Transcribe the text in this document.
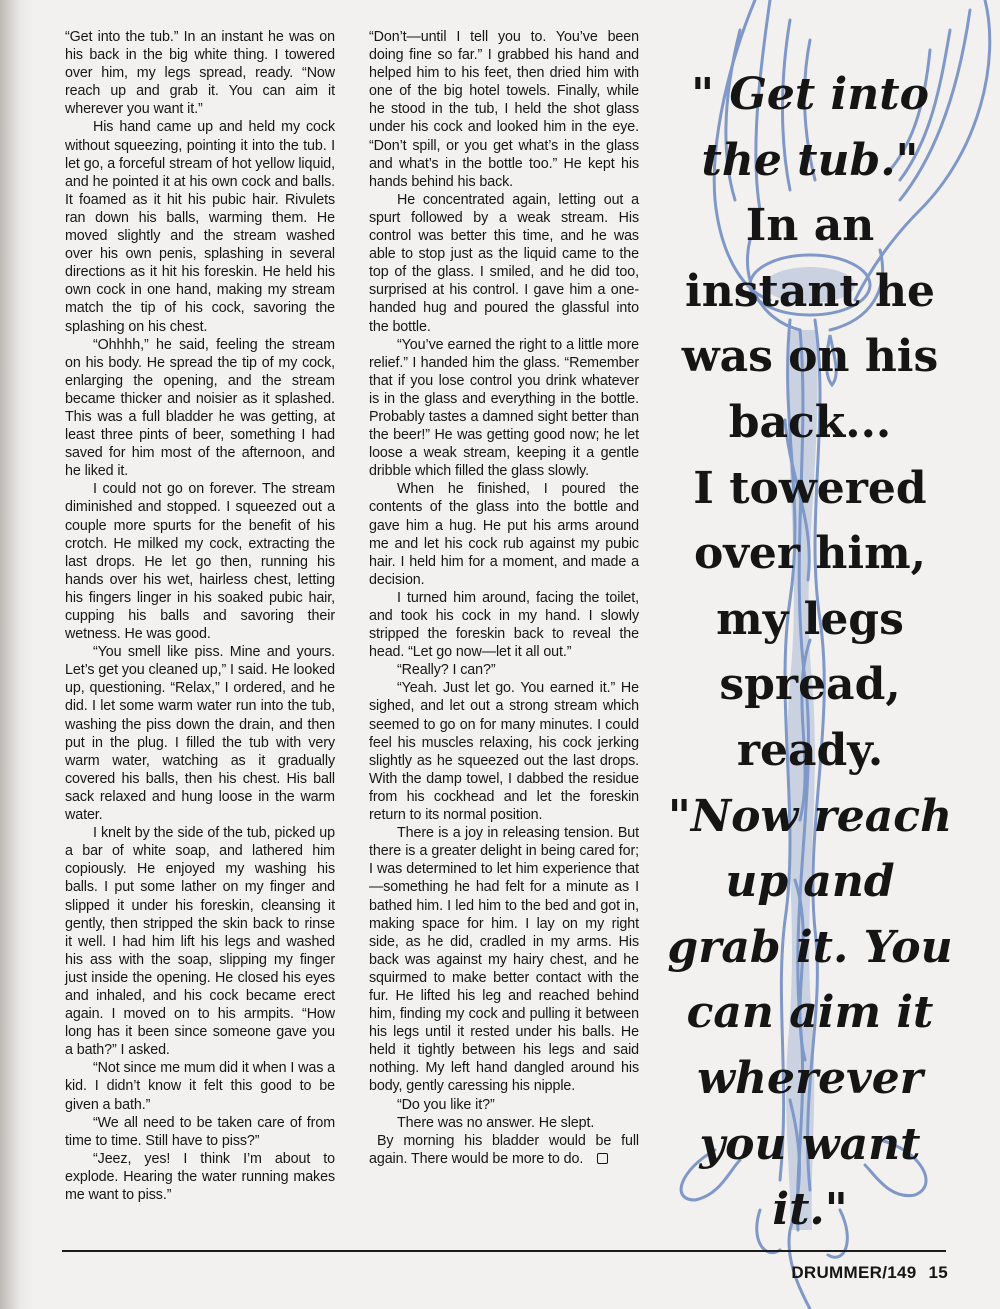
“Get into the tub.” In an instant he was on his back in the big white thing. I towered over him, my legs spread, ready. “Now reach up and grab it. You can aim it wherever you want it.”

His hand came up and held my cock without squeezing, pointing it into the tub. I let go, a forceful stream of hot yellow liquid, and he pointed it at his own cock and balls. It foamed as it hit his pubic hair. Rivulets ran down his balls, warming them. He moved slightly and the stream washed over his own penis, splashing in several directions as it hit his foreskin. He held his own cock in one hand, making my stream match the tip of his cock, savoring the splashing on his chest.

“Ohhhh,” he said, feeling the stream on his body. He spread the tip of my cock, enlarging the opening, and the stream became thicker and noisier as it splashed. This was a full bladder he was getting, at least three pints of beer, something I had saved for him most of the afternoon, and he liked it.

I could not go on forever. The stream diminished and stopped. I squeezed out a couple more spurts for the benefit of his crotch. He milked my cock, extracting the last drops. He let go then, running his hands over his wet, hairless chest, letting his fingers linger in his soaked pubic hair, cupping his balls and savoring their wetness. He was good.

“You smell like piss. Mine and yours. Let’s get you cleaned up,” I said. He looked up, questioning. “Relax,” I ordered, and he did. I let some warm water run into the tub, washing the piss down the drain, and then put in the plug. I filled the tub with very warm water, watching as it gradually covered his balls, then his chest. His ball sack relaxed and hung loose in the warm water.

I knelt by the side of the tub, picked up a bar of white soap, and lathered him copiously. He enjoyed my washing his balls. I put some lather on my finger and slipped it under his foreskin, cleansing it gently, then stripped the skin back to rinse it well. I had him lift his legs and washed his ass with the soap, slipping my finger just inside the opening. He closed his eyes and inhaled, and his cock became erect again. I moved on to his armpits. “How long has it been since someone gave you a bath?” I asked.

“Not since me mum did it when I was a kid. I didn’t know it felt this good to be given a bath.”

“We all need to be taken care of from time to time. Still have to piss?”

“Jeez, yes! I think I’m about to explode. Hearing the water running makes me want to piss.”

“Don’t—until I tell you to. You’ve been doing fine so far.” I grabbed his hand and helped him to his feet, then dried him with one of the big hotel towels. Finally, while he stood in the tub, I held the shot glass under his cock and looked him in the eye. “Don’t spill, or you get what’s in the glass and what’s in the bottle too.” He kept his hands behind his back.

He concentrated again, letting out a spurt followed by a weak stream. His control was better this time, and he was able to stop just as the liquid came to the top of the glass. I smiled, and he did too, surprised at his control. I gave him a one-handed hug and poured the glassful into the bottle.

“You’ve earned the right to a little more relief.” I handed him the glass. “Remember that if you lose control you drink whatever is in the glass and everything in the bottle. Probably tastes a damned sight better than the beer!” He was getting good now; he let loose a weak stream, keeping it a gentle dribble which filled the glass slowly.

When he finished, I poured the contents of the glass into the bottle and gave him a hug. He put his arms around me and let his cock rub against my pubic hair. I held him for a moment, and made a decision.

I turned him around, facing the toilet, and took his cock in my hand. I slowly stripped the foreskin back to reveal the head. “Let go now—let it all out.”

“Really? I can?”

“Yeah. Just let go. You earned it.” He sighed, and let out a strong stream which seemed to go on for many minutes. I could feel his muscles relaxing, his cock jerking slightly as he squeezed out the last drops. With the damp towel, I dabbed the residue from his cockhead and let the foreskin return to its normal position.

There is a joy in releasing tension. But there is a greater delight in being cared for; I was determined to let him experience that—something he had felt for a minute as I bathed him. I led him to the bed and got in, making space for him. I lay on my right side, as he did, cradled in my arms. His back was against my hairy chest, and he squirmed to make better contact with the fur. He lifted his leg and reached behind him, finding my cock and pulling it between his legs until it rested under his balls. He held it tightly between his legs and said nothing. My left hand dangled around his body, gently caressing his nipple.

“Do you like it?”

There was no answer. He slept.

By morning his bladder would be full again. There would be more to do.

" Get into
the tub."
In an
instant he
was on his
back...
I towered
over him,
my legs
spread,
ready.
"Now reach
up and
grab it. You
can aim it
wherever
you want
it."
DRUMMER/149 15
